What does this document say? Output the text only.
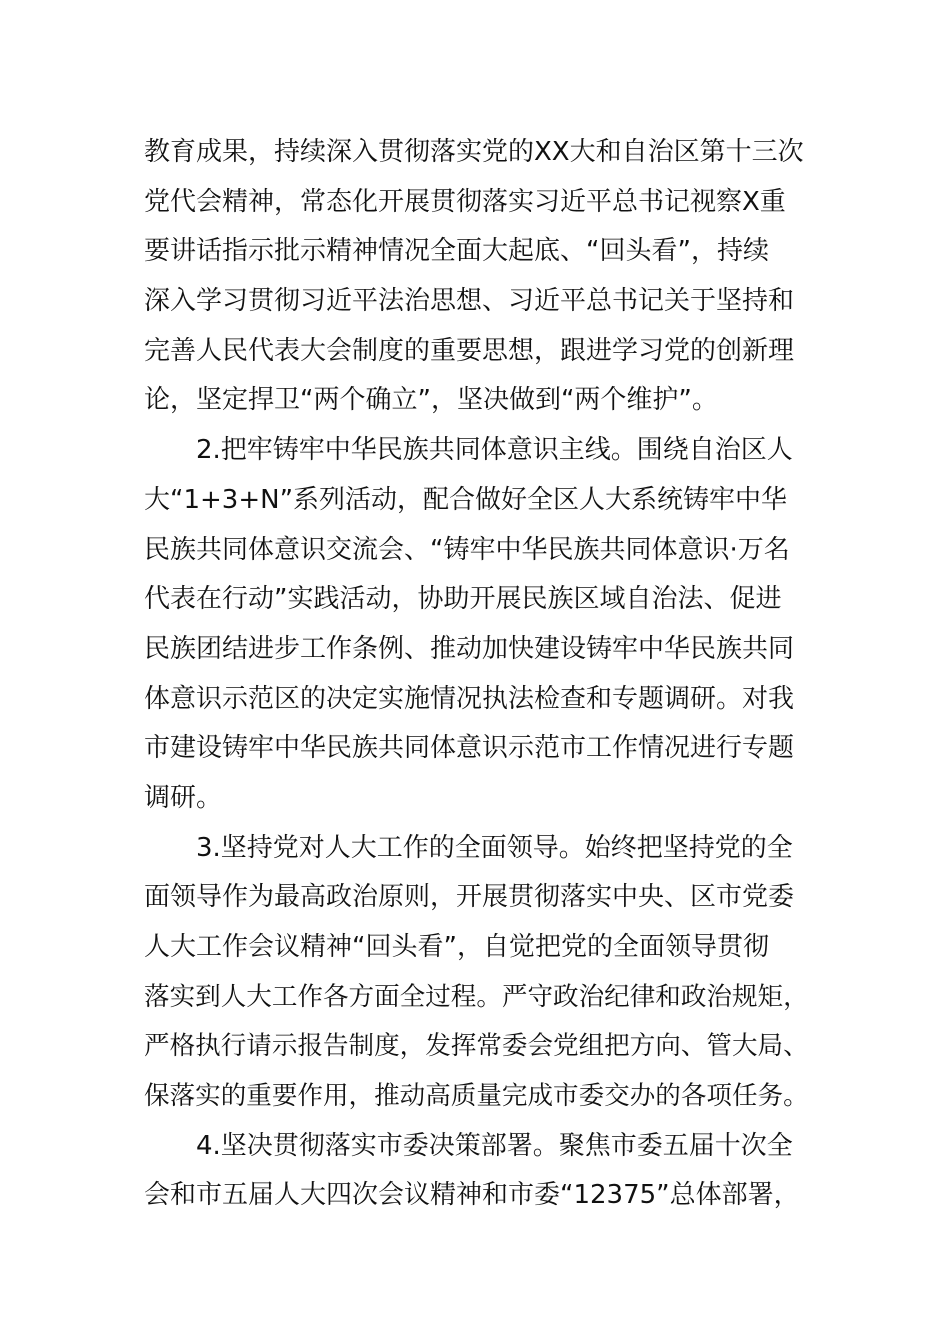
教育成果，持续深入贯彻落实党的XX大和自治区第十三次
党代会精神，常态化开展贯彻落实习近平总书记视察X重
要讲话指示批示精神情况全面大起底、“回头看”，持续
深入学习贯彻习近平法治思想、习近平总书记关于坚持和
完善人民代表大会制度的重要思想，跟进学习党的创新理
论，坚定捍卫“两个确立”，坚决做到“两个维护”。
2.把牢铸牢中华民族共同体意识主线。围绕自治区人
大“1+3+N”系列活动，配合做好全区人大系统铸牢中华
民族共同体意识交流会、“铸牢中华民族共同体意识·万名
代表在行动”实践活动，协助开展民族区域自治法、促进
民族团结进步工作条例、推动加快建设铸牢中华民族共同
体意识示范区的决定实施情况执法检查和专题调研。对我
市建设铸牢中华民族共同体意识示范市工作情况进行专题
调研。
3.坚持党对人大工作的全面领导。始终把坚持党的全
面领导作为最高政治原则，开展贯彻落实中央、区市党委
人大工作会议精神“回头看”，自觉把党的全面领导贯彻
落实到人大工作各方面全过程。严守政治纪律和政治规矩，
严格执行请示报告制度，发挥常委会党组把方向、管大局、
保落实的重要作用，推动高质量完成市委交办的各项任务。
4.坚决贯彻落实市委决策部署。聚焦市委五届十次全
会和市五届人大四次会议精神和市委“12375”总体部署，
